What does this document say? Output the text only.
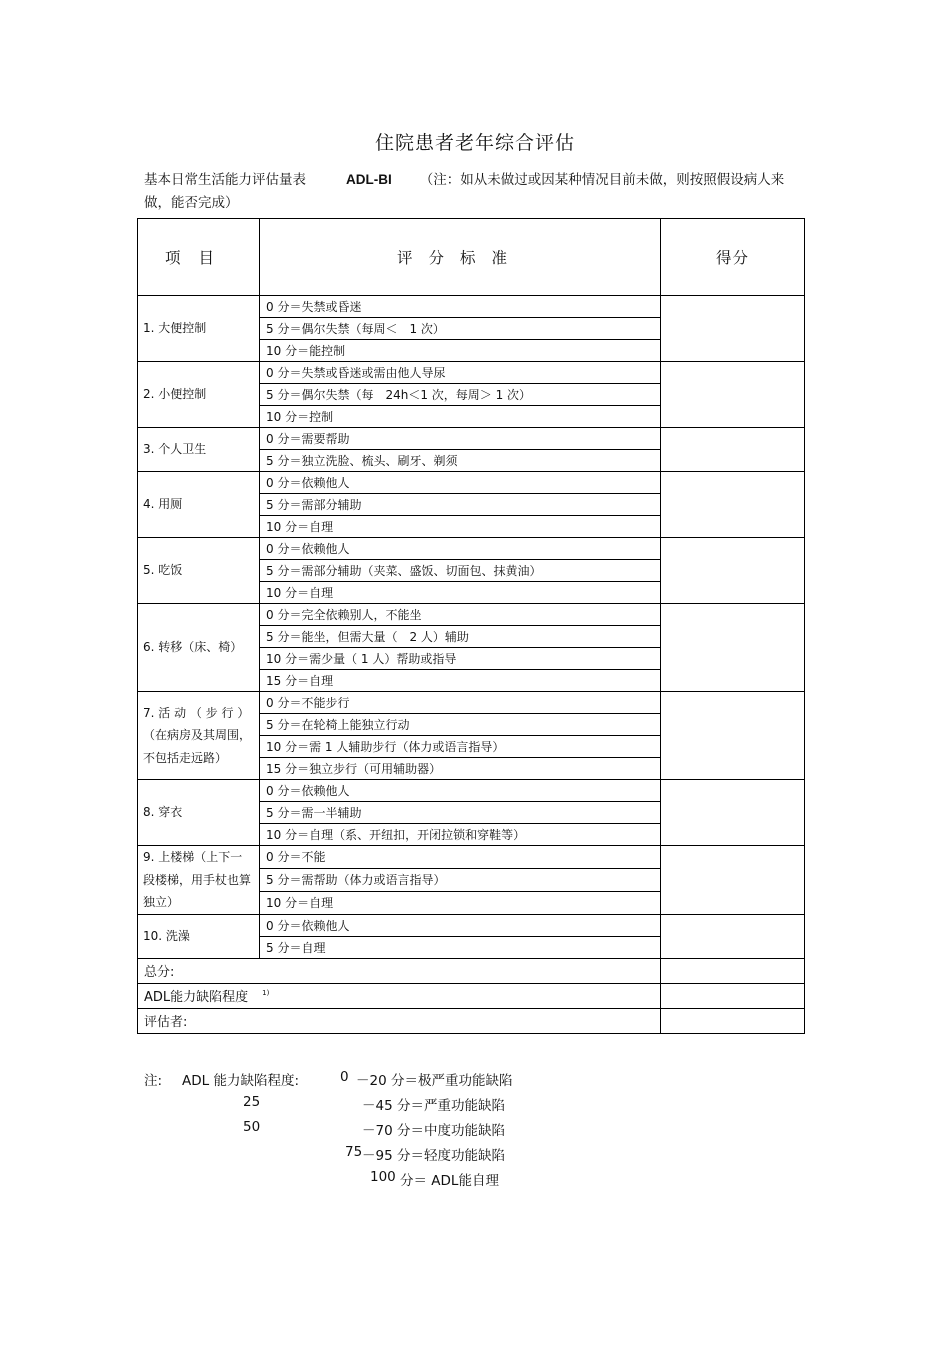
住院患者老年综合评估
基本日常生活能力评估量表	ADL-BI （注：如从未做过或因某种情况目前未做，则按照假设病人来做，能否完成）
项目	评分标准	得分
1. 大便控制	0 分＝失禁或昏迷	
	5 分＝偶尔失禁（每周＜　1 次）	
	10 分＝能控制	
2. 小便控制	0 分＝失禁或昏迷或需由他人导尿	
	5 分＝偶尔失禁（每　24h＜1 次，每周＞ 1 次）	
	10 分＝控制	
3. 个人卫生	0 分＝需要帮助	
	5 分＝独立洗脸、梳头、刷牙、剃须	
4. 用厕	0 分＝依赖他人	
	5 分＝需部分辅助	
	10 分＝自理	
5. 吃饭	0 分＝依赖他人	
	5 分＝需部分辅助（夹菜、盛饭、切面包、抹黄油）	
	10 分＝自理	
6. 转移（床、椅）	0 分＝完全依赖别人，不能坐	
	5 分＝能坐，但需大量（　2 人）辅助	
	10 分＝需少量（ 1 人）帮助或指导	
	15 分＝自理	
7. 活 动 （ 步 行 ）（在病房及其周围，不包括走远路）	0 分＝不能步行	
	5 分＝在轮椅上能独立行动	
	10 分＝需 1 人辅助步行（体力或语言指导）	
	15 分＝独立步行（可用辅助器）	
8. 穿衣	0 分＝依赖他人	
	5 分＝需一半辅助	
	10 分＝自理（系、开纽扣，开闭拉锁和穿鞋等）	
9. 上楼梯（上下一段楼梯，用手杖也算独立）	0 分＝不能	
	5 分＝需帮助（体力或语言指导）	
	10 分＝自理	
10. 洗澡	0 分＝依赖他人	
	5 分＝自理	
总分:		
ADL能力缺陷程度 $^{1)}$	
评估者:		
注: ADL 能力缺陷程度:	0 －20 分＝极严重功能缺陷
25	－45 分＝严重功能缺陷
50	－70 分＝中度功能缺陷
75 －95 分＝轻度功能缺陷
100 分＝ ADL能自理
